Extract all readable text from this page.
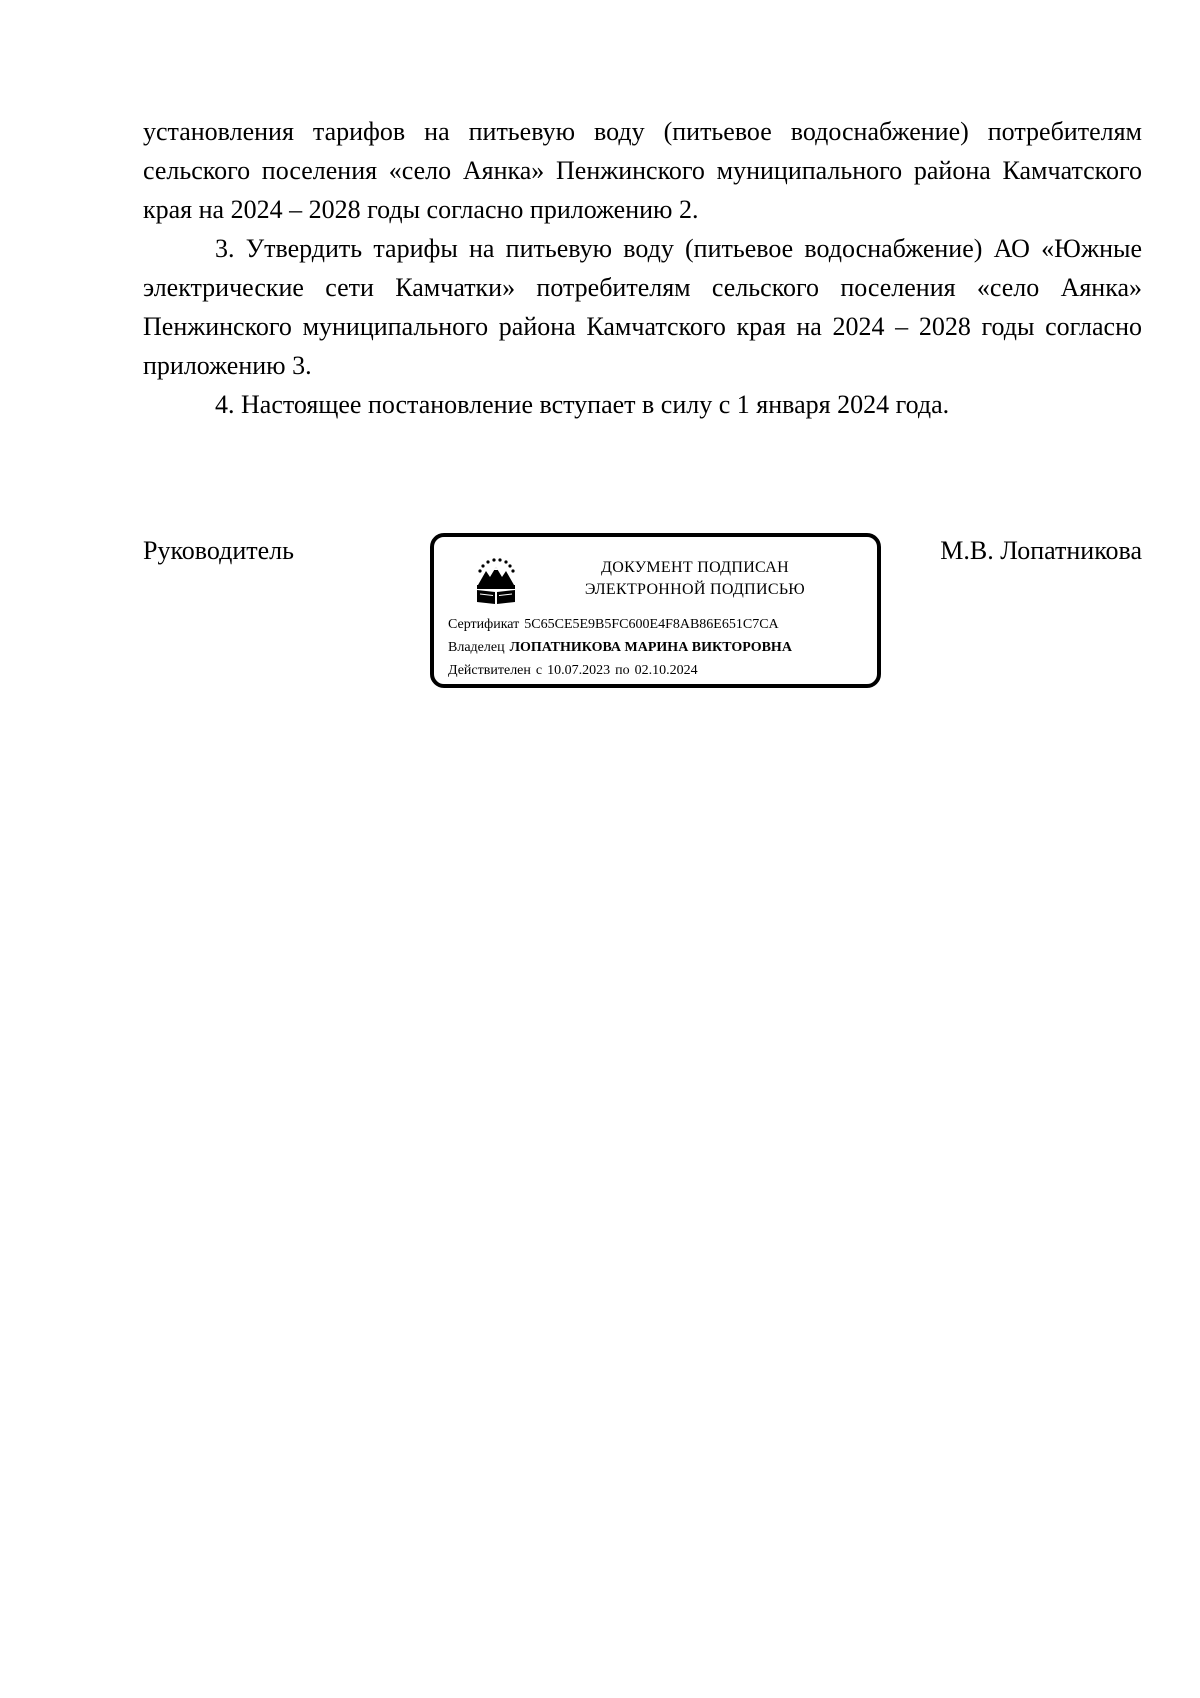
установления тарифов на питьевую воду (питьевое водоснабжение) потребителям сельского поселения «село Аянка» Пенжинского муниципального района Камчатского края на 2024 – 2028 годы согласно приложению 2.

3. Утвердить тарифы на питьевую воду (питьевое водоснабжение) АО «Южные электрические сети Камчатки» потребителям сельского поселения «село Аянка» Пенжинского муниципального района Камчатского края на 2024 – 2028 годы согласно приложению 3.

4. Настоящее постановление вступает в силу с 1 января 2024 года.

Руководитель
ДОКУМЕНТ ПОДПИСАН
ЭЛЕКТРОННОЙ ПОДПИСЬЮ
Сертификат 5C65CE5E9B5FC600E4F8AB86E651C7CA
Владелец ЛОПАТНИКОВА МАРИНА ВИКТОРОВНА
Действителен с 10.07.2023 по 02.10.2024
М.В. Лопатникова
